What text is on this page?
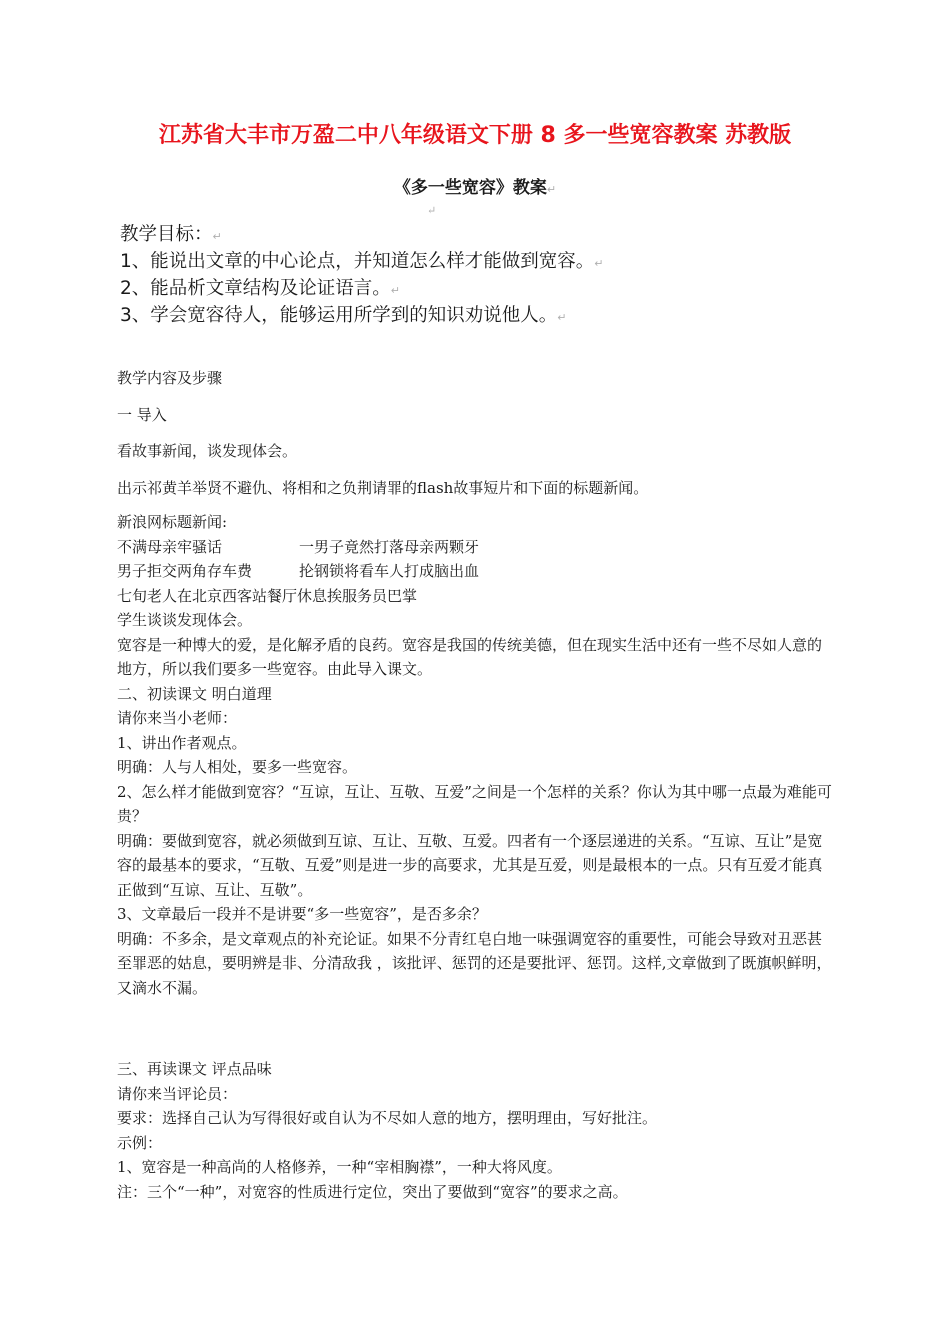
江苏省大丰市万盈二中八年级语文下册 8 多一些宽容教案 苏教版
《多一些宽容》教案↵
↵

教学目标：↵

1、能说出文章的中心论点，并知道怎么样才能做到宽容。↵

2、能品析文章结构及论证语言。↵

3、学会宽容待人，能够运用所学到的知识劝说他人。↵

教学内容及步骤

一 导入

看故事新闻，谈发现体会。

出示祁黄羊举贤不避仇、将相和之负荆请罪的flash故事短片和下面的标题新闻。

新浪网标题新闻:

不满母亲牢骚话	一男子竟然打落母亲两颗牙

男子拒交两角存车费	抡钢锁将看车人打成脑出血

七旬老人在北京西客站餐厅休息挨服务员巴掌

学生谈谈发现体会。

宽容是一种博大的爱，是化解矛盾的良药。宽容是我国的传统美德，但在现实生活中还有一些不尽如人意的地方，所以我们要多一些宽容。由此导入课文。

二、初读课文 明白道理

请你来当小老师：

1、讲出作者观点。

明确：人与人相处，要多一些宽容。

2、怎么样才能做到宽容？“互谅，互让、互敬、互爱”之间是一个怎样的关系？你认为其中哪一点最为难能可贵？

明确：要做到宽容，就必须做到互谅、互让、互敬、互爱。四者有一个逐层递进的关系。“互谅、互让”是宽容的最基本的要求，“互敬、互爱”则是进一步的高要求，尤其是互爱，则是最根本的一点。只有互爱才能真正做到“互谅、互让、互敬”。

3、文章最后一段并不是讲要“多一些宽容”，是否多余？

明确：不多余，是文章观点的补充论证。如果不分青红皂白地一味强调宽容的重要性，可能会导致对丑恶甚至罪恶的姑息，要明辨是非、分清敌我 ，该批评、惩罚的还是要批评、惩罚。这样,文章做到了既旗帜鲜明，又滴水不漏。

三、再读课文 评点品味

请你来当评论员：

要求：选择自己认为写得很好或自认为不尽如人意的地方，摆明理由，写好批注。

示例：

1、宽容是一种高尚的人格修养，一种“宰相胸襟”，一种大将风度。

注：三个“一种”，对宽容的性质进行定位，突出了要做到“宽容”的要求之高。
